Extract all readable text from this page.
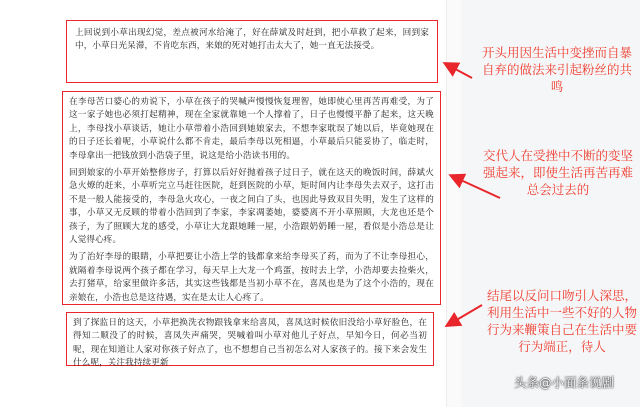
上回说到小草出现幻觉，差点被河水给淹了，好在薛斌及时赶到，把小草救了起来，回到家中，小草日光呆滞，不肯吃东西，来娘的死对她打击太大了，她一直无法接受。

在李母苦口婆心的劝说下，小草在孩子的哭喊声慢慢恢复理智，她即使心里再苦再难受，为了这一家子她也必须打起精神，现在全家就靠她一个人撑着了，日子也慢慢平静了起来，这天晚上，李母找小草谈话，她让小草带着小浩回到她娘家去，不想李家耽误了她以后，毕竟她现在的日子还长着呢，小草说什么都不肯走，最后李母以死相逼，小草最后只能妥协了，临走时，李母拿出一把钱放到小浩袋子里，说这是给小浩读书用的。

回到娘家的小草开始整修房子，打算以后好好抛着孩子过日子，就在这天的晚饭时间，薛斌火急火燎的赶来，小草听完立马赶往医院，赶到医院的小草，矩时间内让李母失去双子，这打击不是一般人能接受的，李母急火攻心，一夜之间白了头，也因此导致双目失明，发生了这样的事，小草又无反顾的带着小浩回到了李家，李家凋萎她，婆婆离不开小草照顾，大龙也还是个孩子，为了照顾大龙的感受，小草让大龙跟她睡一屋，小浩跟奶奶睡一屋，看似是小浩总是让人觉得心疼。

为了治好李母的眼睛，小草把要让小浩上学的钱都拿来给李母买了药，而为了不让李母担心，就隔着李母说两个孩子都在学习，每天早上大龙一个鸡蛋，按时去上学，小浩却要去捡柴火，去打猪草，给家里做许多活，其实这些钱都是当初小草不在，喜凤也是为了这个小浩的，现在亲娘在，小浩也总是这待遇，实在是太让人心疼了。

到了探监日的这天，小草把换洗衣物跟钱拿来给喜凤，喜凤这时候依旧没给小草好脸色，在得知二顺没了的时候，喜凤失声痛哭，哭喊着叫小草对他儿子好点，早知今日，何必当初呢，现在知道让人家对你孩子好点了，也不想想自己当初怎么对人家孩子的。接下来会发生什么呢，关注我持续更新

开头用因生活中变挫而自暴自弃的做法来引起粉丝的共鸣
交代人在受挫中不断的变坚强起来，即使生活再苦再难总会过去的
结尾以反问口吻引人深思，利用生活中一些不好的人物行为来鞭策自己在生活中要行为端正，待人
头条@小面条说剧
